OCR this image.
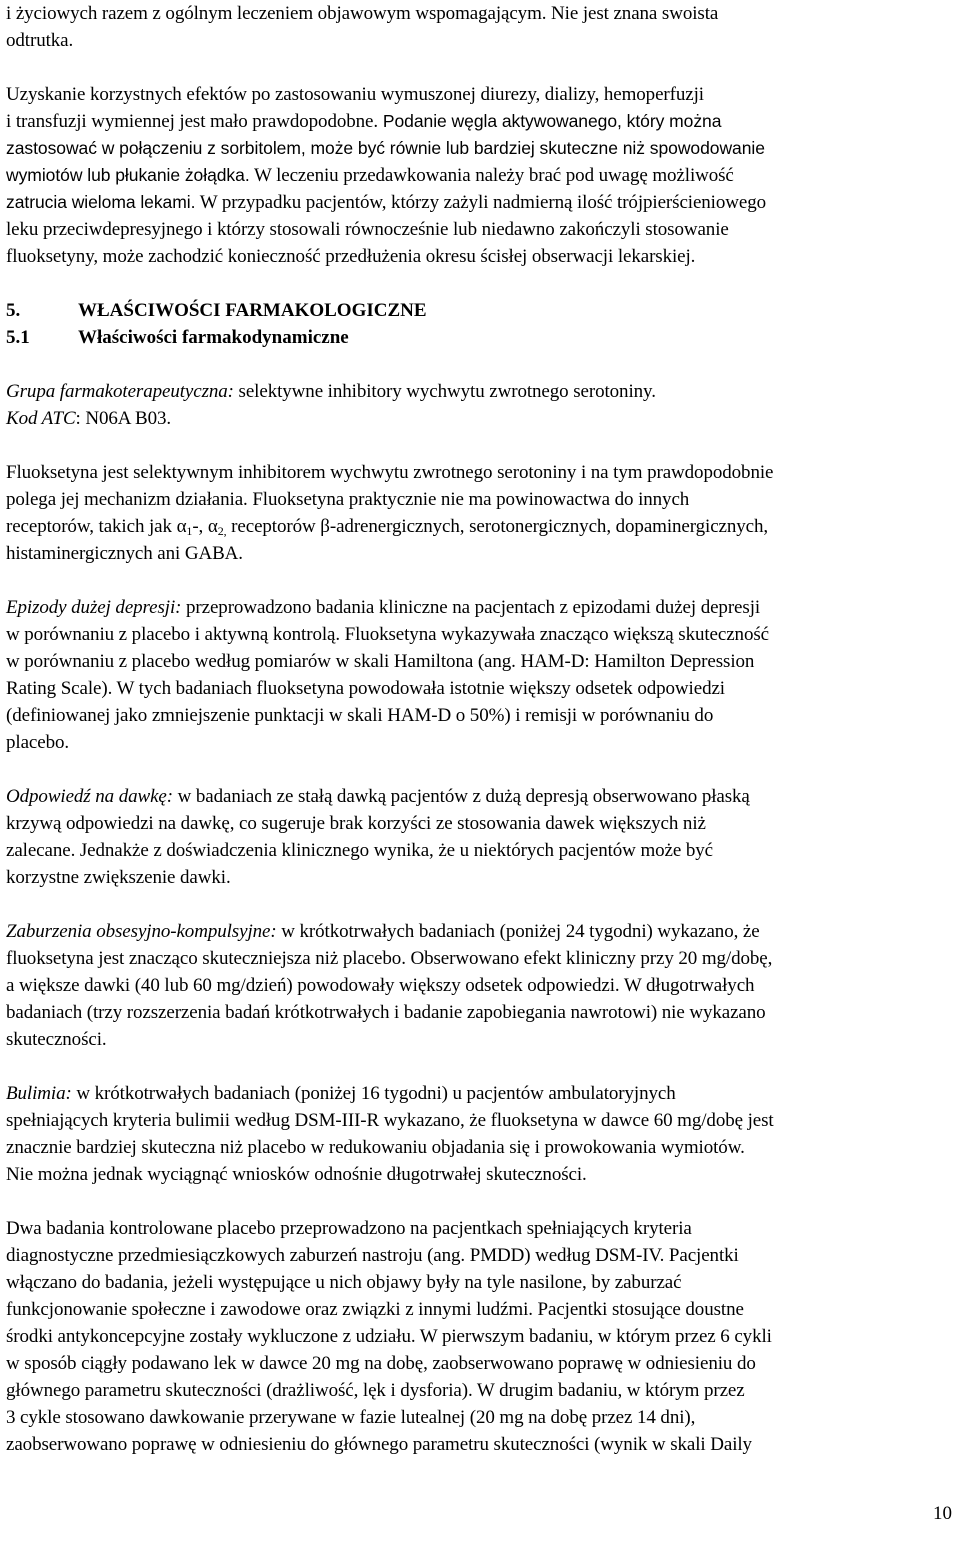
i życiowych razem z ogólnym leczeniem objawowym wspomagającym. Nie jest znana swoista
odtrutka.

Uzyskanie korzystnych efektów po zastosowaniu wymuszonej diurezy, dializy, hemoperfuzji
i transfuzji wymiennej jest mało prawdopodobne. Podanie węgla aktywowanego, który można
zastosować w połączeniu z sorbitolem, może być równie lub bardziej skuteczne niż spowodowanie
wymiotów lub płukanie żołądka. W leczeniu przedawkowania należy brać pod uwagę możliwość
zatrucia wieloma lekami. W przypadku pacjentów, którzy zażyli nadmierną ilość trójpierścieniowego
leku przeciwdepresyjnego i którzy stosowali równocześnie lub niedawno zakończyli stosowanie
fluoksetyny, może zachodzić konieczność przedłużenia okresu ścisłej obserwacji lekarskiej.

5.	WŁAŚCIWOŚCI FARMAKOLOGICZNE
5.1	Właściwości farmakodynamiczne

Grupa farmakoterapeutyczna: selektywne inhibitory wychwytu zwrotnego serotoniny.
Kod ATC: N06A B03.

Fluoksetyna jest selektywnym inhibitorem wychwytu zwrotnego serotoniny i na tym prawdopodobnie
polega jej mechanizm działania. Fluoksetyna praktycznie nie ma powinowactwa do innych
receptorów, takich jak $\alpha_1-$, $\alpha_{2,}$ receptorów β-adrenergicznych, serotonergicznych, dopaminergicznych,
histaminergicznych ani GABA.

Epizody dużej depresji: przeprowadzono badania kliniczne na pacjentach z epizodami dużej depresji
w porównaniu z placebo i aktywną kontrolą. Fluoksetyna wykazywała znacząco większą skuteczność
w porównaniu z placebo według pomiarów w skali Hamiltona (ang. HAM-D: Hamilton Depression
Rating Scale). W tych badaniach fluoksetyna powodowała istotnie większy odsetek odpowiedzi
(definiowanej jako zmniejszenie punktacji w skali HAM-D o 50%) i remisji w porównaniu do
placebo.

Odpowiedź na dawkę: w badaniach ze stałą dawką pacjentów z dużą depresją obserwowano płaską
krzywą odpowiedzi na dawkę, co sugeruje brak korzyści ze stosowania dawek większych niż
zalecane. Jednakże z doświadczenia klinicznego wynika, że u niektórych pacjentów może być
korzystne zwiększenie dawki.

Zaburzenia obsesyjno-kompulsyjne: w krótkotrwałych badaniach (poniżej 24 tygodni) wykazano, że
fluoksetyna jest znacząco skuteczniejsza niż placebo. Obserwowano efekt kliniczny przy 20 mg/dobę,
a większe dawki (40 lub 60 mg/dzień) powodowały większy odsetek odpowiedzi. W długotrwałych
badaniach (trzy rozszerzenia badań krótkotrwałych i badanie zapobiegania nawrotowi) nie wykazano
skuteczności.

Bulimia: w krótkotrwałych badaniach (poniżej 16 tygodni) u pacjentów ambulatoryjnych
spełniających kryteria bulimii według DSM-III-R wykazano, że fluoksetyna w dawce 60 mg/dobę jest
znacznie bardziej skuteczna niż placebo w redukowaniu objadania się i prowokowania wymiotów.
Nie można jednak wyciągnąć wniosków odnośnie długotrwałej skuteczności.

Dwa badania kontrolowane placebo przeprowadzono na pacjentkach spełniających kryteria
diagnostyczne przedmiesiączkowych zaburzeń nastroju (ang. PMDD) według DSM-IV. Pacjentki
włączano do badania, jeżeli występujące u nich objawy były na tyle nasilone, by zaburzać
funkcjonowanie społeczne i zawodowe oraz związki z innymi ludźmi. Pacjentki stosujące doustne
środki antykoncepcyjne zostały wykluczone z udziału. W pierwszym badaniu, w którym przez 6 cykli
w sposób ciągły podawano lek w dawce 20 mg na dobę, zaobserwowano poprawę w odniesieniu do
głównego parametru skuteczności (drażliwość, lęk i dysforia). W drugim badaniu, w którym przez
3 cykle stosowano dawkowanie przerywane w fazie lutealnej (20 mg na dobę przez 14 dni),
zaobserwowano poprawę w odniesieniu do głównego parametru skuteczności (wynik w skali Daily

10
